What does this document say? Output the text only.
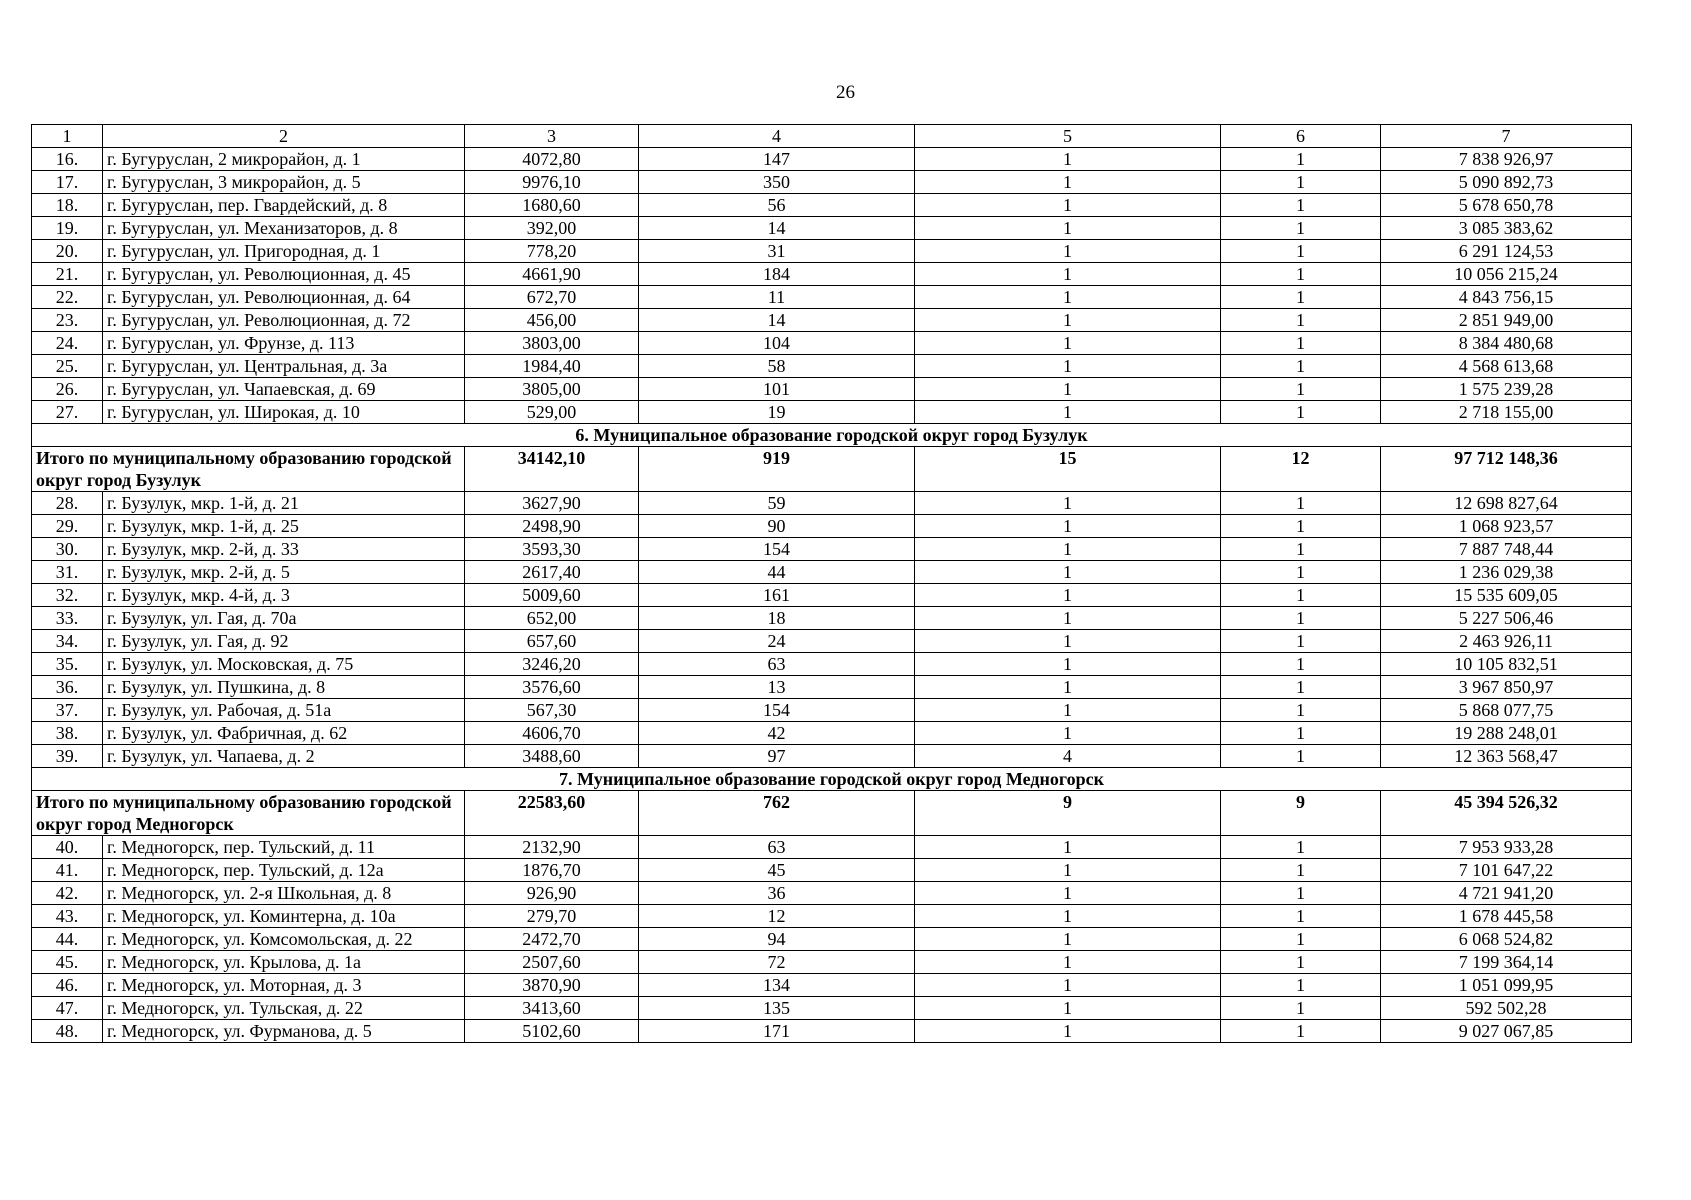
26
1	2	3	4	5	6	7
16.	г. Бугуруслан, 2 микрорайон, д. 1	4072,80	147	1	1	7 838 926,97
17.	г. Бугуруслан, 3 микрорайон, д. 5	9976,10	350	1	1	5 090 892,73
18.	г. Бугуруслан, пер. Гвардейский, д. 8	1680,60	56	1	1	5 678 650,78
19.	г. Бугуруслан, ул. Механизаторов, д. 8	392,00	14	1	1	3 085 383,62
20.	г. Бугуруслан, ул. Пригородная, д. 1	778,20	31	1	1	6 291 124,53
21.	г. Бугуруслан, ул. Революционная, д. 45	4661,90	184	1	1	10 056 215,24
22.	г. Бугуруслан, ул. Революционная, д. 64	672,70	11	1	1	4 843 756,15
23.	г. Бугуруслан, ул. Революционная, д. 72	456,00	14	1	1	2 851 949,00
24.	г. Бугуруслан, ул. Фрунзе, д. 113	3803,00	104	1	1	8 384 480,68
25.	г. Бугуруслан, ул. Центральная, д. 3а	1984,40	58	1	1	4 568 613,68
26.	г. Бугуруслан, ул. Чапаевская, д. 69	3805,00	101	1	1	1 575 239,28
27.	г. Бугуруслан, ул. Широкая, д. 10	529,00	19	1	1	2 718 155,00
6. Муниципальное образование городской округ город Бузулук						
Итого по муниципальному образованию городской округ город Бузулук		34142,10	919	15	12	97 712 148,36
28.	г. Бузулук, мкр. 1-й, д. 21	3627,90	59	1	1	12 698 827,64
29.	г. Бузулук, мкр. 1-й, д. 25	2498,90	90	1	1	1 068 923,57
30.	г. Бузулук, мкр. 2-й, д. 33	3593,30	154	1	1	7 887 748,44
31.	г. Бузулук, мкр. 2-й, д. 5	2617,40	44	1	1	1 236 029,38
32.	г. Бузулук, мкр. 4-й, д. 3	5009,60	161	1	1	15 535 609,05
33.	г. Бузулук, ул. Гая, д. 70а	652,00	18	1	1	5 227 506,46
34.	г. Бузулук, ул. Гая, д. 92	657,60	24	1	1	2 463 926,11
35.	г. Бузулук, ул. Московская, д. 75	3246,20	63	1	1	10 105 832,51
36.	г. Бузулук, ул. Пушкина, д. 8	3576,60	13	1	1	3 967 850,97
37.	г. Бузулук, ул. Рабочая, д. 51а	567,30	154	1	1	5 868 077,75
38.	г. Бузулук, ул. Фабричная, д. 62	4606,70	42	1	1	19 288 248,01
39.	г. Бузулук, ул. Чапаева, д. 2	3488,60	97	4	1	12 363 568,47
7. Муниципальное образование городской округ город Медногорск						
Итого по муниципальному образованию городской округ город Медногорск		22583,60	762	9	9	45 394 526,32
40.	г. Медногорск, пер. Тульский, д. 11	2132,90	63	1	1	7 953 933,28
41.	г. Медногорск, пер. Тульский, д. 12а	1876,70	45	1	1	7 101 647,22
42.	г. Медногорск, ул. 2-я Школьная, д. 8	926,90	36	1	1	4 721 941,20
43.	г. Медногорск, ул. Коминтерна, д. 10а	279,70	12	1	1	1 678 445,58
44.	г. Медногорск, ул. Комсомольская, д. 22	2472,70	94	1	1	6 068 524,82
45.	г. Медногорск, ул. Крылова, д. 1а	2507,60	72	1	1	7 199 364,14
46.	г. Медногорск, ул. Моторная, д. 3	3870,90	134	1	1	1 051 099,95
47.	г. Медногорск, ул. Тульская, д. 22	3413,60	135	1	1	592 502,28
48.	г. Медногорск, ул. Фурманова, д. 5	5102,60	171	1	1	9 027 067,85
